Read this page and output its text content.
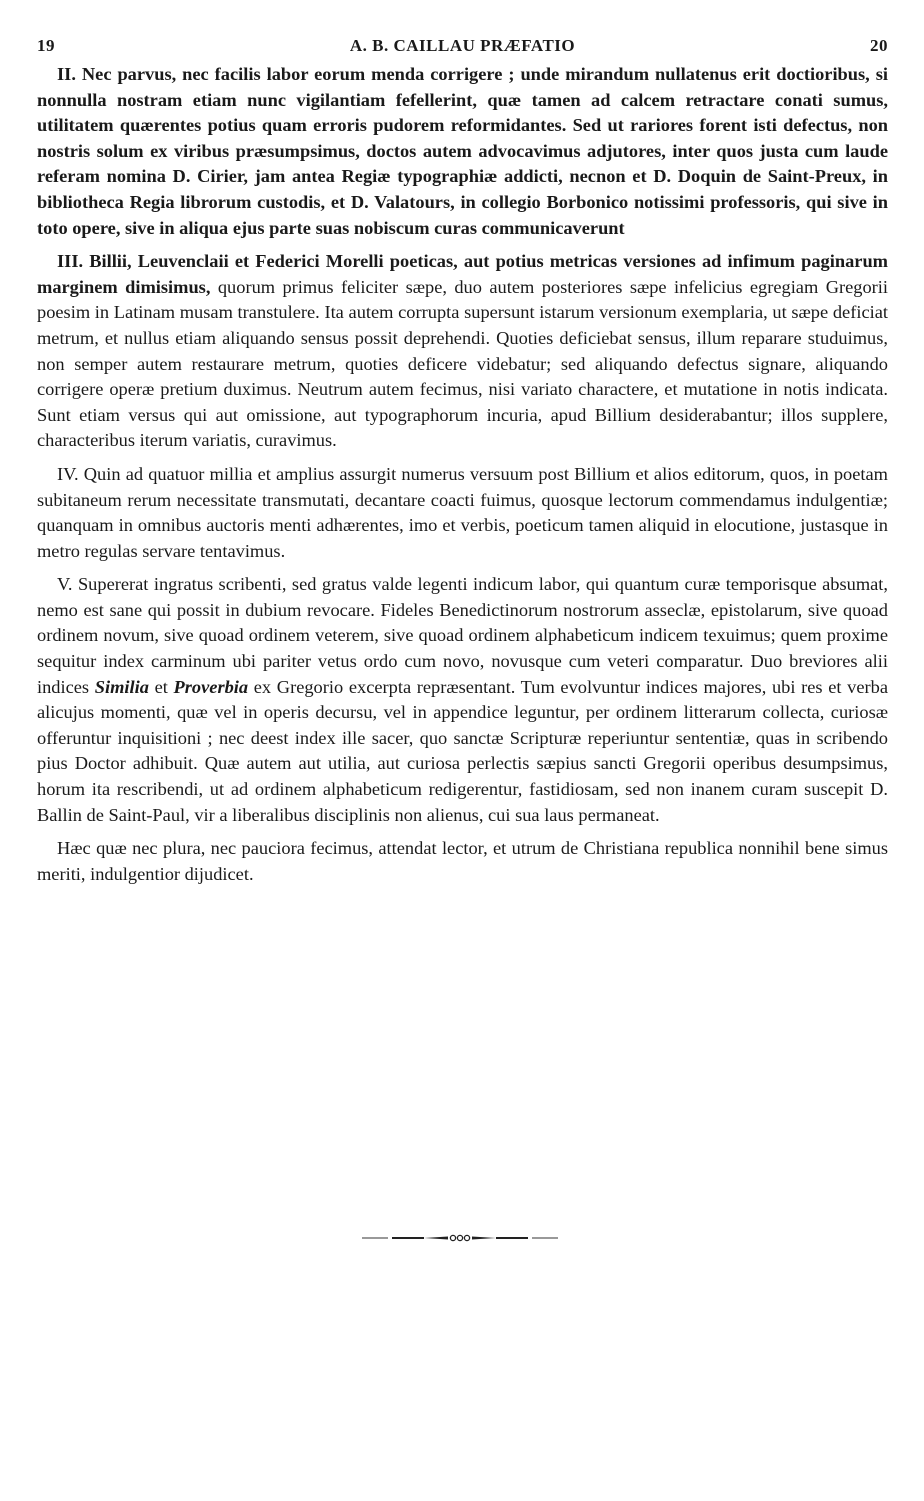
19	A. B. CAILLAU PRÆFATIO	20

II. Nec parvus, nec facilis labor eorum menda corrigere ; unde mirandum nullatenus erit doctioribus, si nonnulla nostram etiam nunc vigilantiam fefellerint, quæ tamen ad calcem retractare conati sumus, utilitatem quærentes potius quam erroris pudorem reformidantes. Sed ut rariores forent isti defectus, non nostris solum ex viribus præsumpsimus, doctos autem advocavimus adjutores, inter quos justa cum laude referam nomina D. Cirier, jam antea Regiæ typographiæ addicti, necnon et D. Doquin de Saint-Preux, in bibliotheca Regia librorum custodis, et D. Valatours, in collegio Borbonico notissimi professoris, qui sive in toto opere, sive in aliqua ejus parte suas nobiscum curas communicaverunt

III. Billii, Leuvenclaii et Federici Morelli poeticas, aut potius metricas versiones ad infimum paginarum marginem dimisimus, quorum primus feliciter sæpe, duo autem posteriores sæpe infelicius egregiam Gregorii poesim in Latinam musam transtulere. Ita autem corrupta supersunt istarum versionum exemplaria, ut sæpe deficiat metrum, et nullus etiam aliquando sensus possit deprehendi. Quoties deficiebat sensus, illum reparare studuimus, non semper autem restaurare metrum, quoties deficere videbatur; sed aliquando defectus signare, aliquando corrigere operæ pretium duximus. Neutrum autem fecimus, nisi variato charactere, et mutatione in notis indicata. Sunt etiam versus qui aut omissione, aut typographorum incuria, apud Billium desiderabantur; illos supplere, characteribus iterum variatis, curavimus.

IV. Quin ad quatuor millia et amplius assurgit numerus versuum post Billium et alios editorum, quos, in poetam subitaneum rerum necessitate transmutati, decantare coacti fuimus, quosque lectorum commendamus indulgentiæ; quanquam in omnibus auctoris menti adhærentes, imo et verbis, poeticum tamen aliquid in elocutione, justasque in metro regulas servare tentavimus.

V. Supererat ingratus scribenti, sed gratus valde legenti indicum labor, qui quantum curæ temporisque absumat, nemo est sane qui possit in dubium revocare. Fideles Benedictinorum nostrorum asseclæ, epistolarum, sive quoad ordinem novum, sive quoad ordinem veterem, sive quoad ordinem alphabeticum indicem texuimus; quem proxime sequitur index carminum ubi pariter vetus ordo cum novo, novusque cum veteri comparatur. Duo breviores alii indices Similia et Proverbia ex Gregorio excerpta repræsentant. Tum evolvuntur indices majores, ubi res et verba alicujus momenti, quæ vel in operis decursu, vel in appendice leguntur, per ordinem litterarum collecta, curiosæ offeruntur inquisitioni ; nec deest index ille sacer, quo sanctæ Scripturæ reperiuntur sententiæ, quas in scribendo pius Doctor adhibuit. Quæ autem aut utilia, aut curiosa perlectis sæpius sancti Gregorii operibus desumpsimus, horum ita rescribendi, ut ad ordinem alphabeticum redigerentur, fastidiosam, sed non inanem curam suscepit D. Ballin de Saint-Paul, vir a liberalibus disciplinis non alienus, cui sua laus permaneat.

Hæc quæ nec plura, nec pauciora fecimus, attendat lector, et utrum de Christiana republica nonnihil bene simus meriti, indulgentior dijudicet.
